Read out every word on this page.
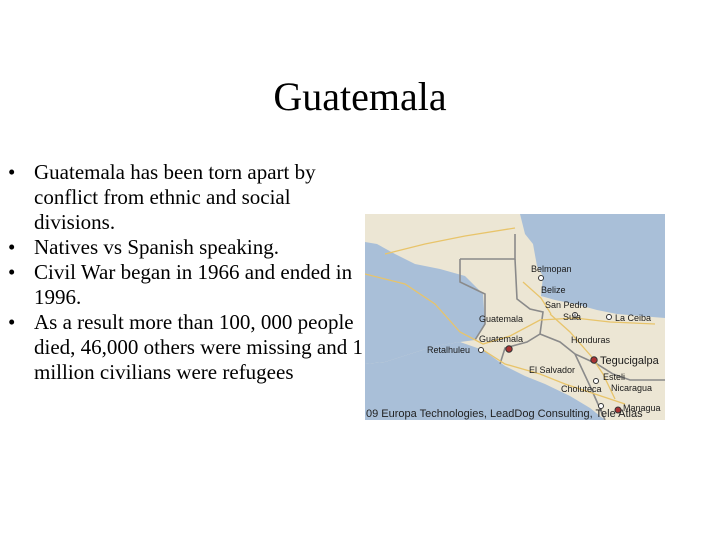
Guatemala
• Guatemala has been torn apart by conflict from ethnic and social divisions.
• Natives vs Spanish speaking.
• Civil War began in 1966 and ended in 1996.
• As a result more than 100, 000 people died, 46,000 others were missing and 1 million civilians were refugees
Belmopan
Belize
San Pedro
Sula	La Ceiba
Guatemala
Guatemala	Honduras
Retalhuleu
Tegucigalpa
El Salvador
Esteli
Choluteca Nicaragua
Managua
09 Europa Technologies, LeadDog Consulting, Tele Atlas
